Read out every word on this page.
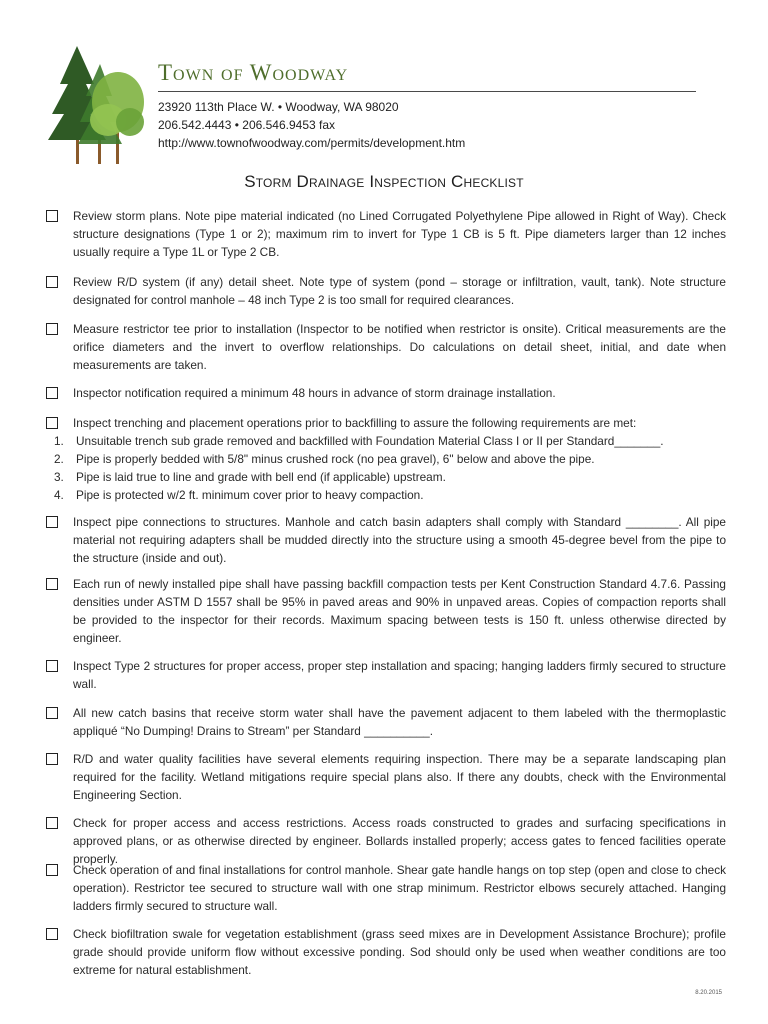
Town of Woodway
23920 113th Place W. • Woodway, WA 98020
206.542.4443 • 206.546.9453 fax
http://www.townofwoodway.com/permits/development.htm
Storm Drainage Inspection Checklist
Review storm plans. Note pipe material indicated (no Lined Corrugated Polyethylene Pipe allowed in Right of Way). Check structure designations (Type 1 or 2); maximum rim to invert for Type 1 CB is 5 ft. Pipe diameters larger than 12 inches usually require a Type 1L or Type 2 CB.
Review R/D system (if any) detail sheet. Note type of system (pond – storage or infiltration, vault, tank). Note structure designated for control manhole – 48 inch Type 2 is too small for required clearances.
Measure restrictor tee prior to installation (Inspector to be notified when restrictor is onsite). Critical measurements are the orifice diameters and the invert to overflow relationships. Do calculations on detail sheet, initial, and date when measurements are taken.
Inspector notification required a minimum 48 hours in advance of storm drainage installation.
Inspect trenching and placement operations prior to backfilling to assure the following requirements are met:
1.	Unsuitable trench sub grade removed and backfilled with Foundation Material Class I or II per Standard_______.
2.	Pipe is properly bedded with 5/8" minus crushed rock (no pea gravel), 6" below and above the pipe.
3.	Pipe is laid true to line and grade with bell end (if applicable) upstream.
4.	Pipe is protected w/2 ft. minimum cover prior to heavy compaction.
Inspect pipe connections to structures. Manhole and catch basin adapters shall comply with Standard ________. All pipe material not requiring adapters shall be mudded directly into the structure using a smooth 45-degree bevel from the pipe to the structure (inside and out).
Each run of newly installed pipe shall have passing backfill compaction tests per Kent Construction Standard 4.7.6. Passing densities under ASTM D 1557 shall be 95% in paved areas and 90% in unpaved areas. Copies of compaction reports shall be provided to the inspector for their records. Maximum spacing between tests is 150 ft. unless otherwise directed by engineer.
Inspect Type 2 structures for proper access, proper step installation and spacing; hanging ladders firmly secured to structure wall.
All new catch basins that receive storm water shall have the pavement adjacent to them labeled with the thermoplastic appliqué “No Dumping! Drains to Stream” per Standard __________.
R/D and water quality facilities have several elements requiring inspection. There may be a separate landscaping plan required for the facility. Wetland mitigations require special plans also. If there any doubts, check with the Environmental Engineering Section.
Check for proper access and access restrictions. Access roads constructed to grades and surfacing specifications in approved plans, or as otherwise directed by engineer. Bollards installed properly; access gates to fenced facilities operate properly.
Check operation of and final installations for control manhole. Shear gate handle hangs on top step (open and close to check operation). Restrictor tee secured to structure wall with one strap minimum. Restrictor elbows securely attached. Hanging ladders firmly secured to structure wall.
Check biofiltration swale for vegetation establishment (grass seed mixes are in Development Assistance Brochure); profile grade should provide uniform flow without excessive ponding. Sod should only be used when weather conditions are too extreme for natural establishment.
8.20.2015
